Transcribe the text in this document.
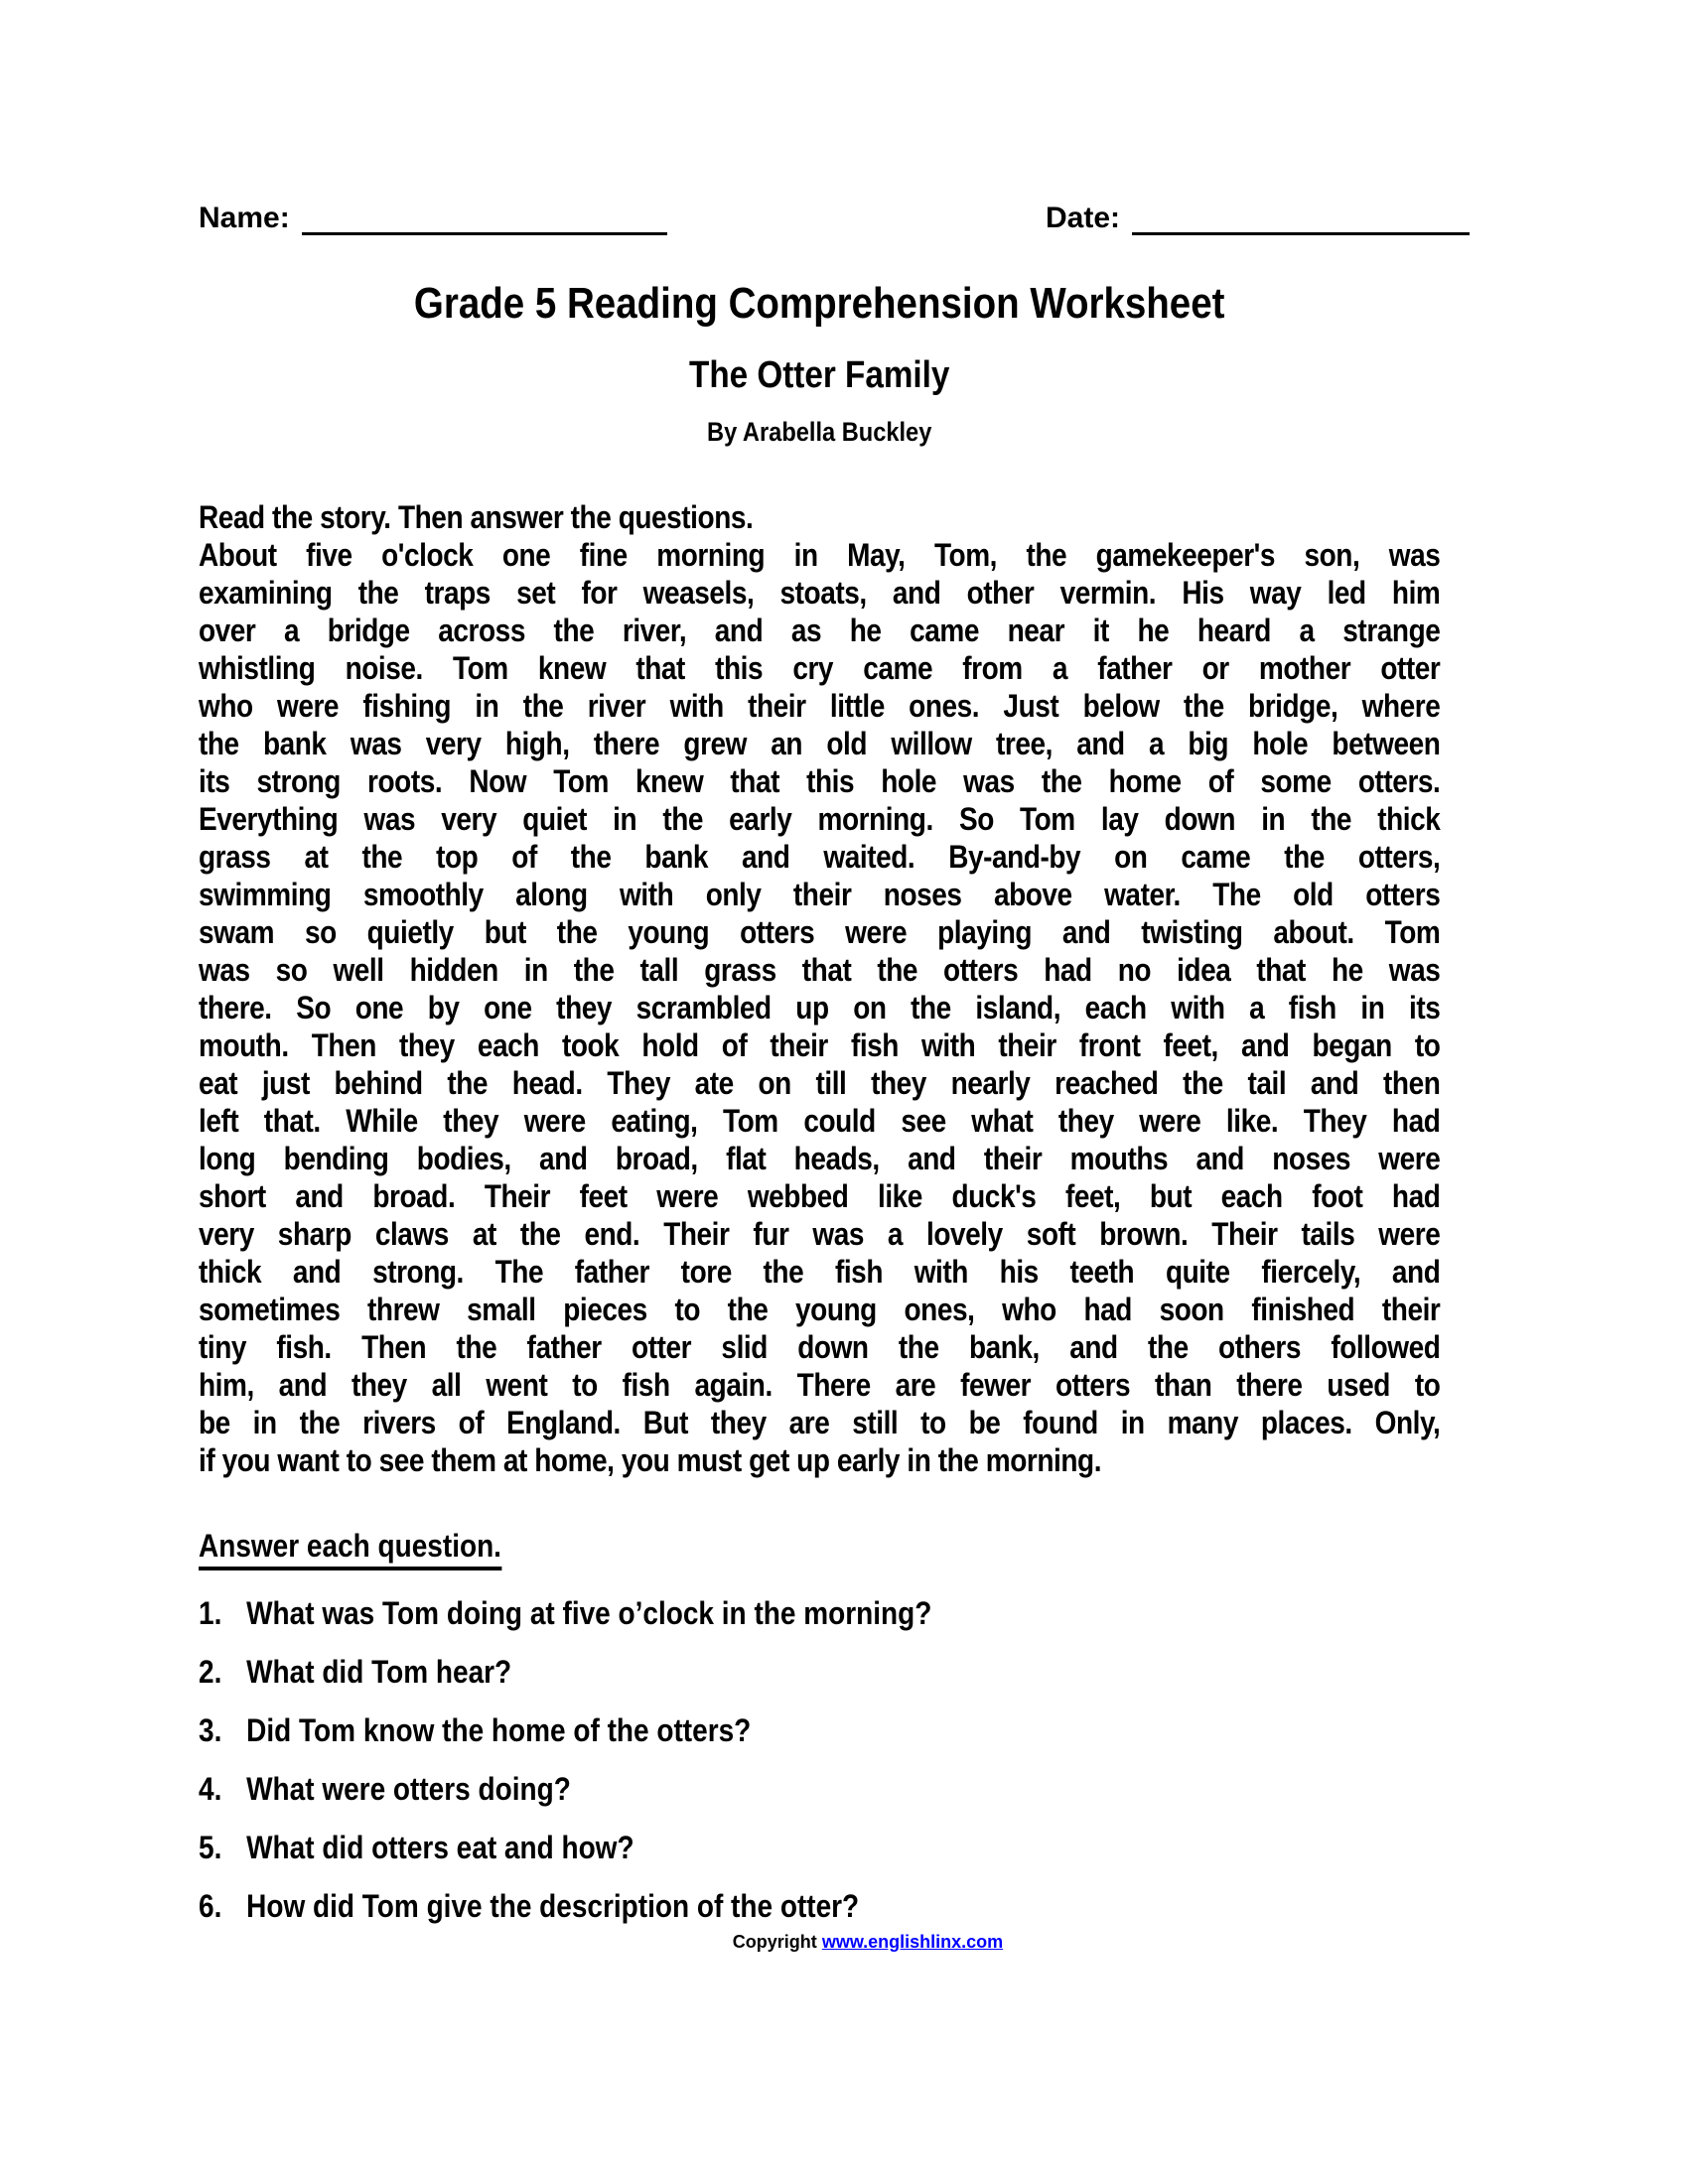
Name:	Date:
Grade 5 Reading Comprehension Worksheet
The Otter Family
By Arabella Buckley
Read the story. Then answer the questions.
About five o'clock one fine morning in May, Tom, the gamekeeper's son, was
examining the traps set for weasels, stoats, and other vermin. His way led him
over a bridge across the river, and as he came near it he heard a strange
whistling noise. Tom knew that this cry came from a father or mother otter
who were fishing in the river with their little ones. Just below the bridge, where
the bank was very high, there grew an old willow tree, and a big hole between
its strong roots. Now Tom knew that this hole was the home of some otters.
Everything was very quiet in the early morning. So Tom lay down in the thick
grass at the top of the bank and waited. By-and-by on came the otters,
swimming smoothly along with only their noses above water. The old otters
swam so quietly but the young otters were playing and twisting about. Tom
was so well hidden in the tall grass that the otters had no idea that he was
there. So one by one they scrambled up on the island, each with a fish in its
mouth. Then they each took hold of their fish with their front feet, and began to
eat just behind the head. They ate on till they nearly reached the tail and then
left that. While they were eating, Tom could see what they were like. They had
long bending bodies, and broad, flat heads, and their mouths and noses were
short and broad. Their feet were webbed like duck's feet, but each foot had
very sharp claws at the end. Their fur was a lovely soft brown. Their tails were
thick and strong. The father tore the fish with his teeth quite fiercely, and
sometimes threw small pieces to the young ones, who had soon finished their
tiny fish. Then the father otter slid down the bank, and the others followed
him, and they all went to fish again. There are fewer otters than there used to
be in the rivers of England. But they are still to be found in many places. Only,
if you want to see them at home, you must get up early in the morning.
Answer each question.
1. What was Tom doing at five o’clock in the morning?
2. What did Tom hear?
3. Did Tom know the home of the otters?
4. What were otters doing?
5. What did otters eat and how?
6. How did Tom give the description of the otter?
Copyright www.englishlinx.com
